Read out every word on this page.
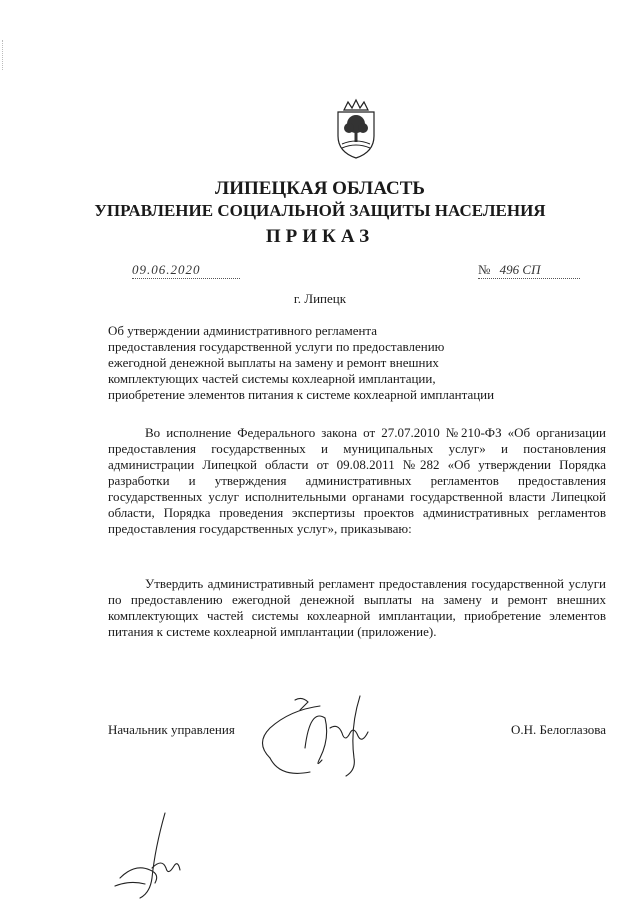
ЛИПЕЦКАЯ ОБЛАСТЬ
УПРАВЛЕНИЕ СОЦИАЛЬНОЙ ЗАЩИТЫ НАСЕЛЕНИЯ
ПРИКАЗ
09.06.2020	№ 496 СП
г. Липецк
Об утверждении административного регламента
предоставления государственной услуги по предоставлению
ежегодной денежной выплаты на замену и ремонт внешних
комплектующих частей системы кохлеарной имплантации,
приобретение элементов питания к системе кохлеарной имплантации
Во исполнение Федерального закона от 27.07.2010 №210-ФЗ «Об организации предоставления государственных и муниципальных услуг» и постановления администрации Липецкой области от 09.08.2011 №282 «Об утверждении Порядка разработки и утверждения административных регламентов предоставления государственных услуг исполнительными органами государственной власти Липецкой области, Порядка проведения экспертизы проектов административных регламентов предоставления государственных услуг», приказываю:
Утвердить административный регламент предоставления государственной услуги по предоставлению ежегодной денежной выплаты на замену и ремонт внешних комплектующих частей системы кохлеарной имплантации, приобретение элементов питания к системе кохлеарной имплантации (приложение).
Начальник управления	О.Н. Белоглазова
